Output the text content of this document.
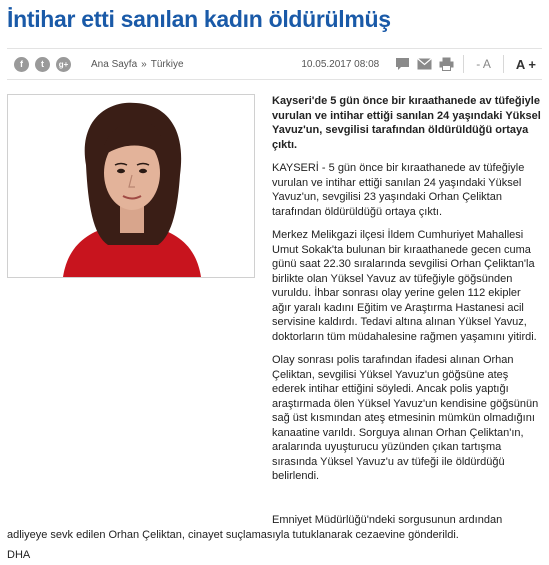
İntihar etti sanılan kadın öldürülmüş
f	t	g+ Ana Sayfa » Türkiye	10.05.2017 08:08	- A	A +

Kayseri'de 5 gün önce bir kıraathanede av tüfeğiyle vurulan ve intihar ettiği sanılan 24 yaşındaki Yüksel Yavuz'un, sevgilisi tarafından öldürüldüğü ortaya çıktı.

KAYSERİ - 5 gün önce bir kıraathanede av tüfeğiyle vurulan ve intihar ettiği sanılan 24 yaşındaki Yüksel Yavuz'un, sevgilisi 23 yaşındaki Orhan Çeliktan tarafından öldürüldüğü ortaya çıktı.

Merkez Melikgazi ilçesi İldem Cumhuriyet Mahallesi Umut Sokak'ta bulunan bir kıraathanede gecen cuma günü saat 22.30 sıralarında sevgilisi Orhan Çeliktan'la birlikte olan Yüksel Yavuz av tüfeğiyle göğsünden vuruldu. İhbar sonrası olay yerine gelen 112 ekipler ağır yaralı kadını Eğitim ve Araştırma Hastanesi acil servisine kaldırdı. Tedavi altına alınan Yüksel Yavuz, doktorların tüm müdahalesine rağmen yaşamını yitirdi.

Olay sonrası polis tarafından ifadesi alınan Orhan Çeliktan, sevgilisi Yüksel Yavuz'un göğsüne ateş ederek intihar ettiğini söyledi. Ancak polis yaptığı araştırmada ölen Yüksel Yavuz'un kendisine göğsünün sağ üst kısmından ateş etmesinin mümkün olmadığını kanaatine varıldı. Sorguya alınan Orhan Çeliktan'ın, aralarında uyuşturucu yüzünden çıkan tartışma sırasında Yüksel Yavuz'u av tüfeği ile öldürdüğü belirlendi.

Emniyet Müdürlüğü'ndeki sorgusunun ardından adliyeye sevk edilen Orhan Çeliktan, cinayet suçlamasıyla tutuklanarak cezaevine gönderildi.

DHA
